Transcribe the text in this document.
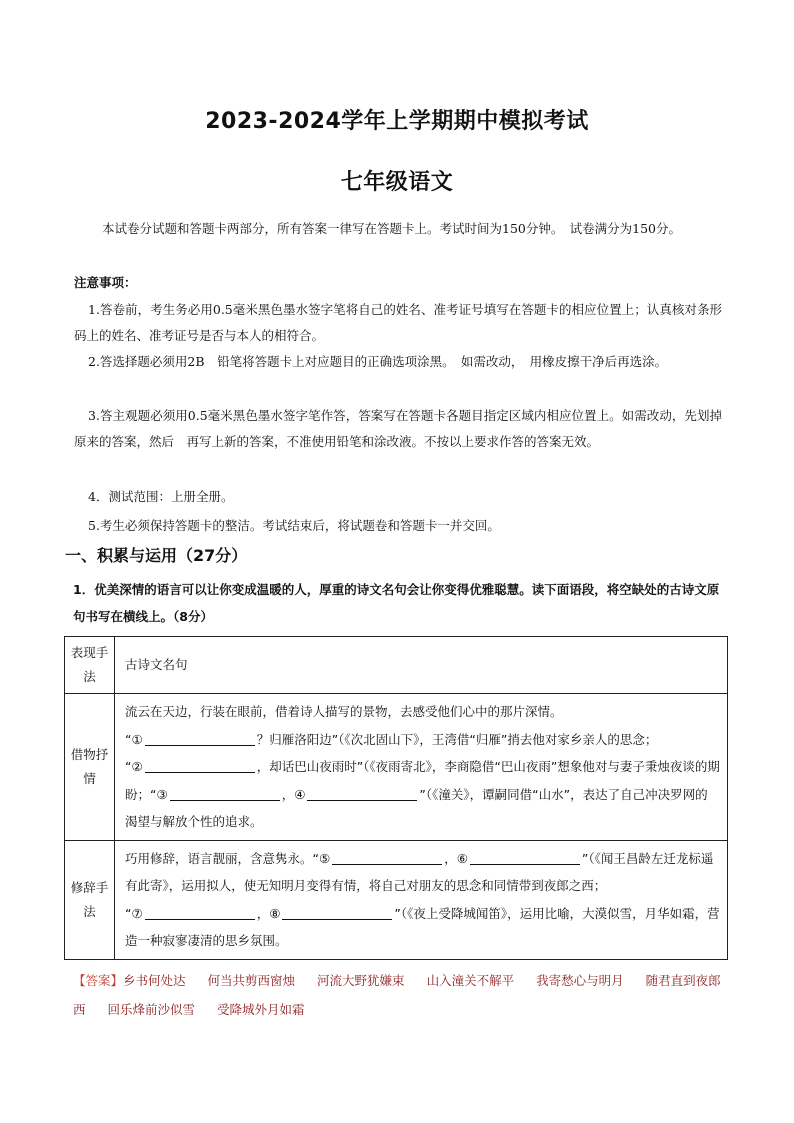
2023-2024学年上学期期中模拟考试
七年级语文

本试卷分试题和答题卡两部分，所有答案一律写在答题卡上。考试时间为150分钟。　试卷满分为150分。

注意事项：

1.答卷前，考生务必用0.5毫米黑色墨水签字笔将自己的姓名、准考证号填写在答题卡的相应位置上；认真核对条形码上的姓名、准考证号是否与本人的相符合。

2.答选择题必须用2B　铅笔将答题卡上对应题目的正确选项涂黑。　如需改动，　用橡皮擦干净后再选涂。

3.答主观题必须用0.5毫米黑色墨水签字笔作答，答案写在答题卡各题目指定区域内相应位置上。如需改动，先划掉原来的答案，然后　再写上新的答案，不准使用铅笔和涂改液。不按以上要求作答的答案无效。

4．测试范围：上册全册。

5.考生必须保持答题卡的整洁。考试结束后，将试题卷和答题卡一并交回。

一、积累与运用（27分）

1．优美深情的语言可以让你变成温暖的人，厚重的诗文名句会让你变得优雅聪慧。读下面语段，将空缺处的古诗文原句书写在横线上。（8分）

表现手法	古诗文名句
借物抒情	流云在天边，行装在眼前，借着诗人描写的景物，去感受他们心中的那片深情。
“① ？归雁洛阳边”（《次北固山下》，王湾借“归雁”捎去他对家乡亲人的思念；
“② ，却话巴山夜雨时”（《夜雨寄北》，李商隐借“巴山夜雨”想象他对与妻子秉烛夜谈的期盼；“③ ，④ ”（《潼关》，谭嗣同借“山水”，表达了自己冲决罗网的渴望与解放个性的追求。
修辞手法	巧用修辞，语言靓丽，含意隽永。“⑤ ，⑥ ”（《闻王昌龄左迁龙标遥有此寄》，运用拟人，使无知明月变得有情，将自己对朋友的思念和同情带到夜郎之西；
“⑦ ，⑧ ”（《夜上受降城闻笛》，运用比喻，大漠似雪，月华如霜，营造一种寂寥凄清的思乡氛围。

【答案】乡书何处达 何当共剪西窗烛 河流大野犹嫌束 山入潼关不解平 我寄愁心与明月 随君直到夜郎西 回乐烽前沙似雪 受降城外月如霜
